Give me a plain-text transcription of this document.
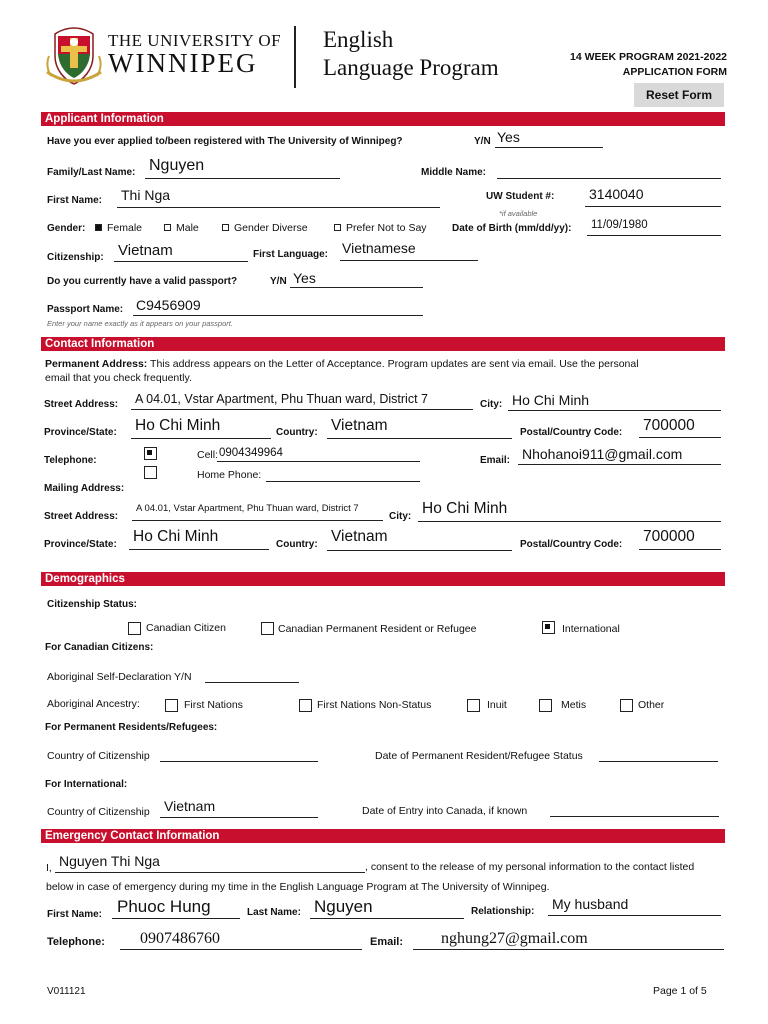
THE UNIVERSITY OF
WINNIPEG
English
Language Program	14 WEEK PROGRAM 2021-2022
APPLICATION FORM
Reset Form
Applicant Information
Have you ever applied to/been registered with The University of Winnipeg?	Y/N Yes
Family/Last Name: Nguyen	Middle Name:
First Name: Thi Nga	UW Student #: 3140040
*if available
Gender:	Female	Male	Gender Diverse	Prefer Not to Say	Date of Birth (mm/dd/yy): 11/09/1980
Citizenship: Vietnam	First Language: Vietnamese
Do you currently have a valid passport?	Y/N Yes
Passport Name: C9456909
Enter your name exactly as it appears on your passport.
Contact Information
Permanent Address: This address appears on the Letter of Acceptance. Program updates are sent via email. Use the personal
email that you check frequently.
Street Address: A 04.01, Vstar Apartment, Phu Thuan ward, District 7	City: Ho Chi Minh
Province/State: Ho Chi Minh	Country: Vietnam	Postal/Country Code: 700000
Telephone:	Cell: 0904349964
Home Phone:
Email: Nhohanoi911@gmail.com
Mailing Address:
Street Address:
A 04.01, Vstar Apartment, Phu Thuan ward, District 7
City: Ho Chi Minh
Province/State: Ho Chi Minh	Country: Vietnam	Postal/Country Code: 700000
Demographics
Citizenship Status:
Canadian Citizen	Canadian Permanent Resident or Refugee	International
For Canadian Citizens:
Aboriginal Self-Declaration Y/N
Aboriginal Ancestry:	First Nations	First Nations Non-Status	Inuit	Metis	Other
For Permanent Residents/Refugees:
Country of Citizenship	Date of Permanent Resident/Refugee Status
For International:
Country of Citizenship Vietnam	Date of Entry into Canada, if known
Emergency Contact Information
I, Nguyen Thi Nga	, consent to the release of my personal information to the contact listed
below in case of emergency during my time in the English Language Program at The University of Winnipeg.
First Name: Phuoc Hung	Last Name: Nguyen	Relationship: My husband
Telephone: 0907486760	Email: nghung27@gmail.com
V011121	Page 1 of 5
